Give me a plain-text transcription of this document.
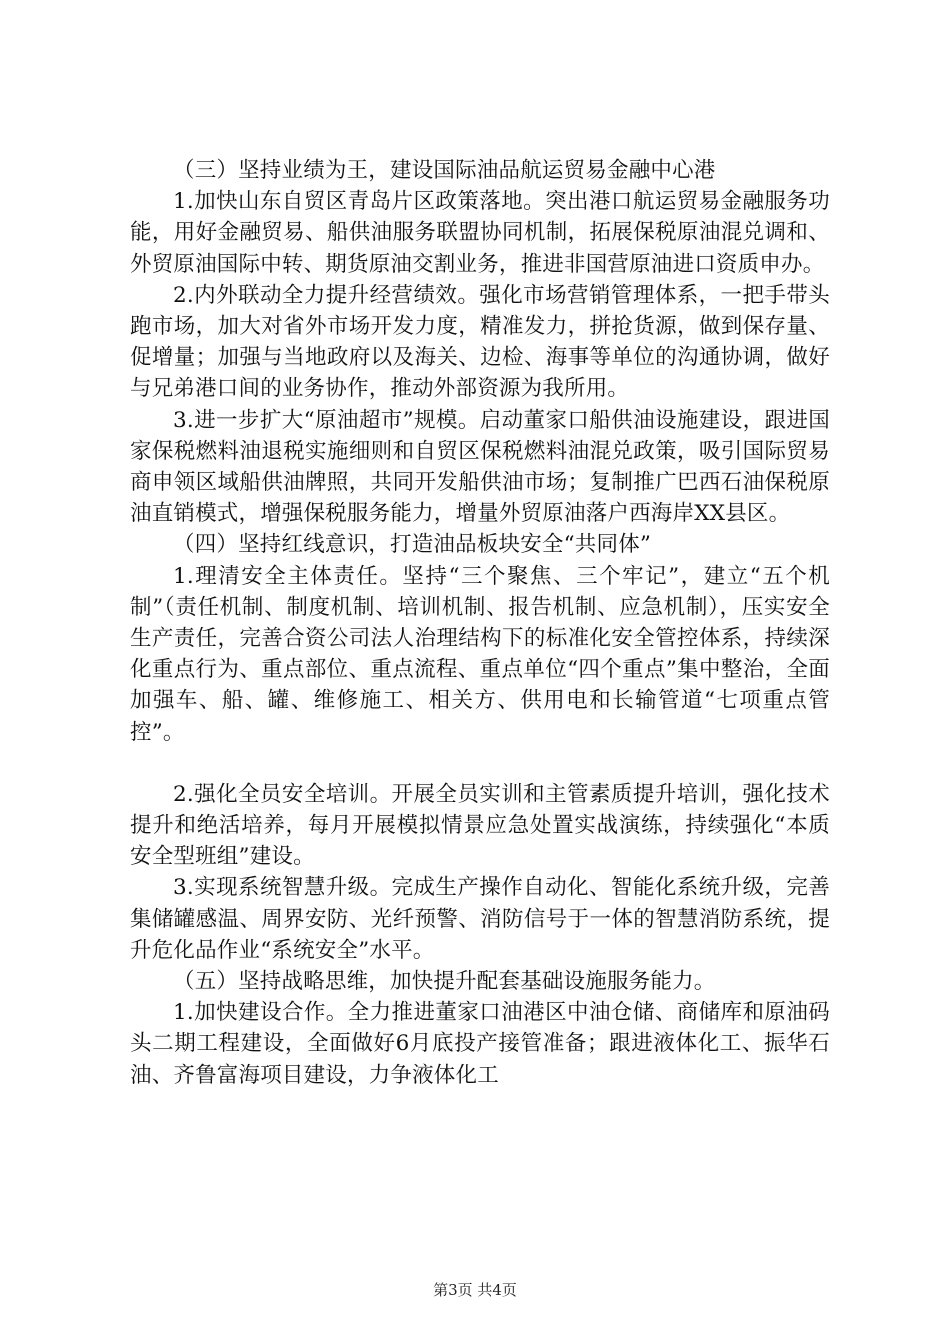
（三）坚持业绩为王，建设国际油品航运贸易金融中心港

1.加快山东自贸区青岛片区政策落地。突出港口航运贸易金融服务功能，用好金融贸易、船供油服务联盟协同机制，拓展保税原油混兑调和、外贸原油国际中转、期货原油交割业务，推进非国营原油进口资质申办。

2.内外联动全力提升经营绩效。强化市场营销管理体系，一把手带头跑市场，加大对省外市场开发力度，精准发力，拼抢货源，做到保存量、促增量；加强与当地政府以及海关、边检、海事等单位的沟通协调，做好与兄弟港口间的业务协作，推动外部资源为我所用。

3.进一步扩大“原油超市”规模。启动董家口船供油设施建设，跟进国家保税燃料油退税实施细则和自贸区保税燃料油混兑政策，吸引国际贸易商申领区域船供油牌照，共同开发船供油市场；复制推广巴西石油保税原油直销模式，增强保税服务能力，增量外贸原油落户西海岸XX县区。

（四）坚持红线意识，打造油品板块安全“共同体”

1.理清安全主体责任。坚持“三个聚焦、三个牢记”，建立“五个机制”（责任机制、制度机制、培训机制、报告机制、应急机制），压实安全生产责任，完善合资公司法人治理结构下的标准化安全管控体系，持续深化重点行为、重点部位、重点流程、重点单位“四个重点”集中整治，全面加强车、船、罐、维修施工、相关方、供用电和长输管道“七项重点管控”。

2.强化全员安全培训。开展全员实训和主管素质提升培训，强化技术提升和绝活培养，每月开展模拟情景应急处置实战演练，持续强化“本质安全型班组”建设。

3.实现系统智慧升级。完成生产操作自动化、智能化系统升级，完善集储罐感温、周界安防、光纤预警、消防信号于一体的智慧消防系统，提升危化品作业“系统安全”水平。

（五）坚持战略思维，加快提升配套基础设施服务能力。

1.加快建设合作。全力推进董家口油港区中油仓储、商储库和原油码头二期工程建设，全面做好6月底投产接管准备；跟进液体化工、振华石油、齐鲁富海项目建设，力争液体化工

第3页 共4页
